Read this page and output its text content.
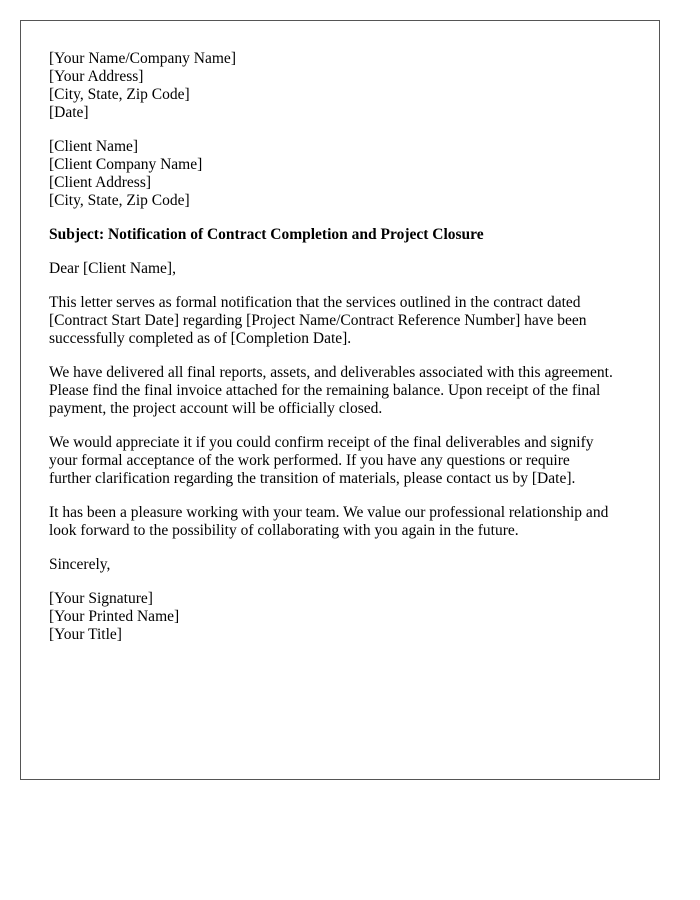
[Your Name/Company Name]
[Your Address]
[City, State, Zip Code]
[Date]
[Client Name]
[Client Company Name]
[Client Address]
[City, State, Zip Code]
Subject: Notification of Contract Completion and Project Closure
Dear [Client Name],
This letter serves as formal notification that the services outlined in the contract dated
[Contract Start Date] regarding [Project Name/Contract Reference Number] have been
successfully completed as of [Completion Date].
We have delivered all final reports, assets, and deliverables associated with this agreement.
Please find the final invoice attached for the remaining balance. Upon receipt of the final
payment, the project account will be officially closed.
We would appreciate it if you could confirm receipt of the final deliverables and signify
your formal acceptance of the work performed. If you have any questions or require
further clarification regarding the transition of materials, please contact us by [Date].
It has been a pleasure working with your team. We value our professional relationship and
look forward to the possibility of collaborating with you again in the future.
Sincerely,
[Your Signature]
[Your Printed Name]
[Your Title]
